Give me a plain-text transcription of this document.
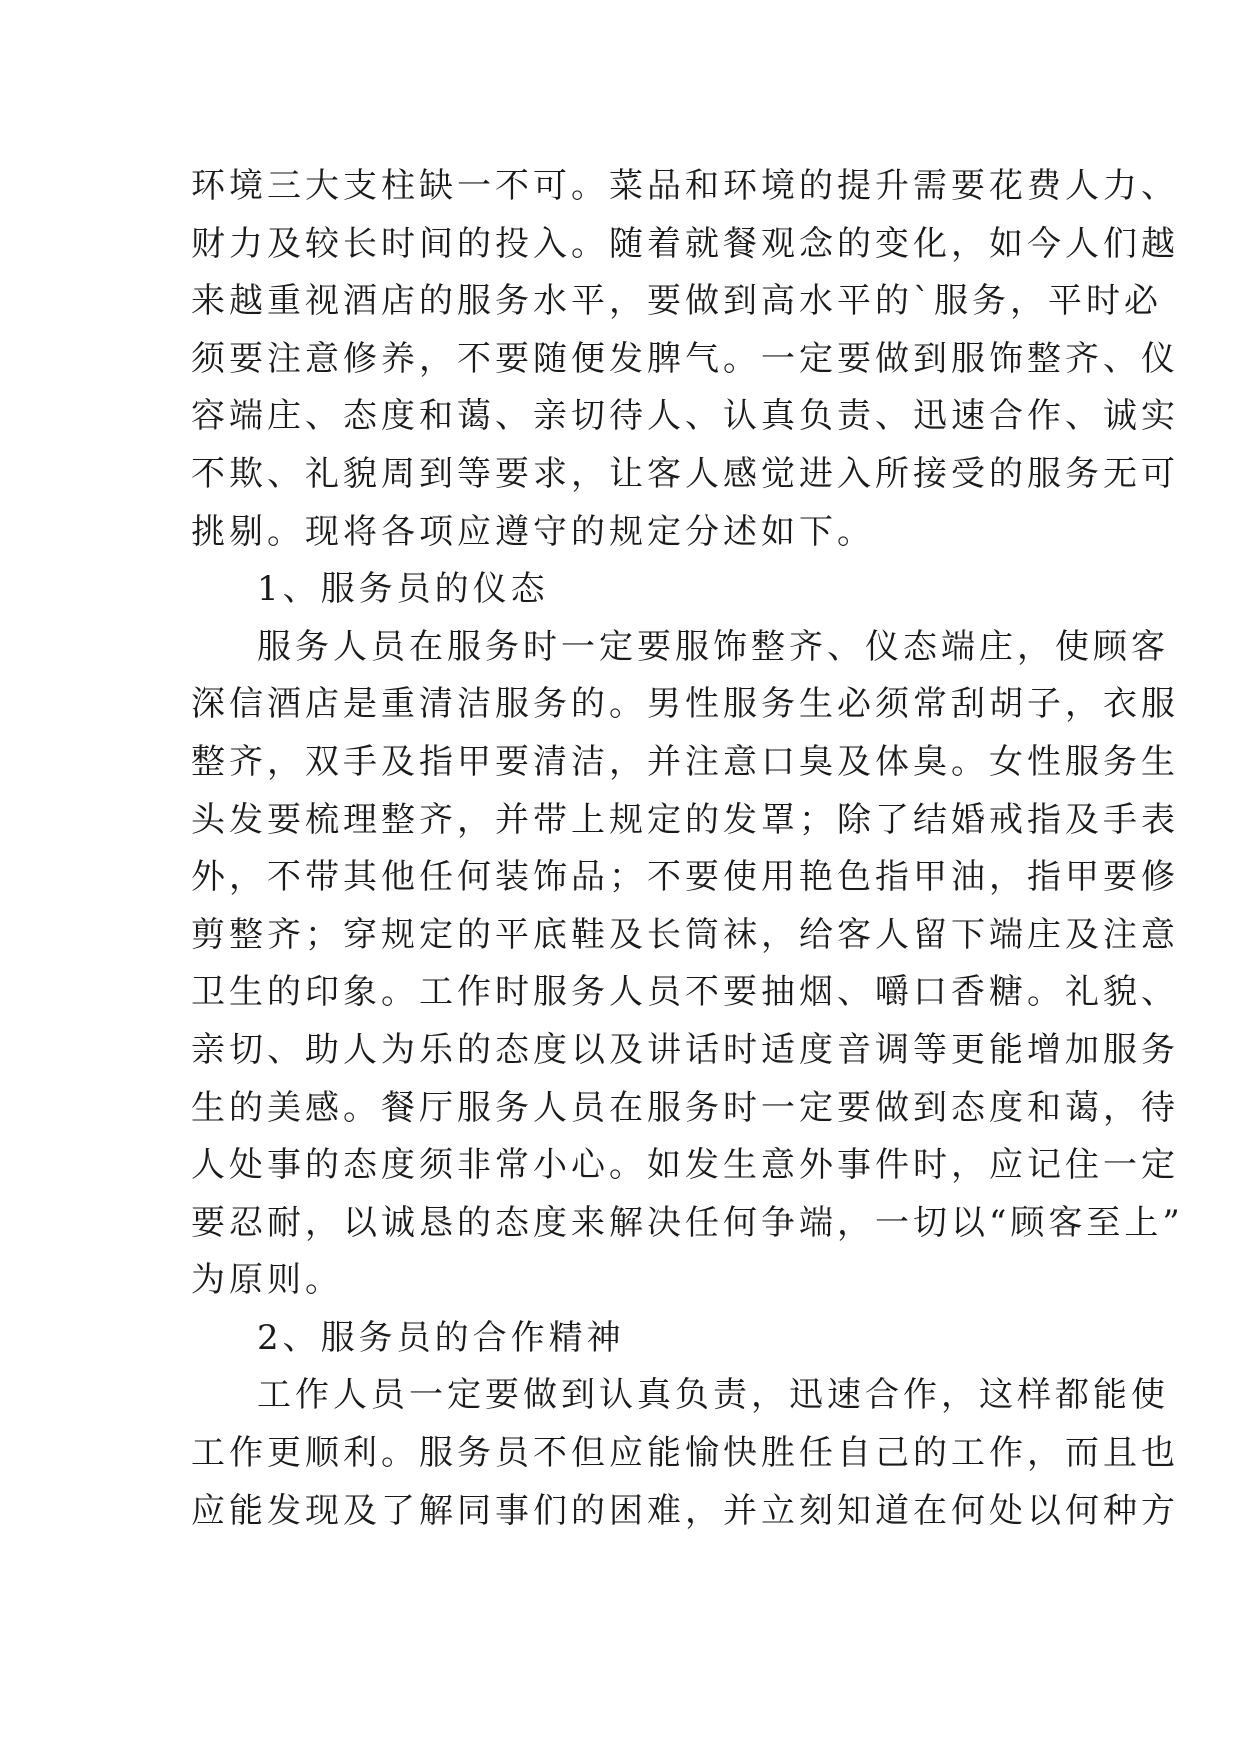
环境三大支柱缺一不可。菜品和环境的提升需要花费人力、
财力及较长时间的投入。随着就餐观念的变化，如今人们越
来越重视酒店的服务水平，要做到高水平的`服务，平时必
须要注意修养，不要随便发脾气。一定要做到服饰整齐、仪
容端庄、态度和蔼、亲切待人、认真负责、迅速合作、诚实
不欺、礼貌周到等要求，让客人感觉进入所接受的服务无可
挑剔。现将各项应遵守的规定分述如下。
1、服务员的仪态
服务人员在服务时一定要服饰整齐、仪态端庄，使顾客
深信酒店是重清洁服务的。男性服务生必须常刮胡子，衣服
整齐，双手及指甲要清洁，并注意口臭及体臭。女性服务生
头发要梳理整齐，并带上规定的发罩；除了结婚戒指及手表
外，不带其他任何装饰品；不要使用艳色指甲油，指甲要修
剪整齐；穿规定的平底鞋及长筒袜，给客人留下端庄及注意
卫生的印象。工作时服务人员不要抽烟、嚼口香糖。礼貌、
亲切、助人为乐的态度以及讲话时适度音调等更能增加服务
生的美感。餐厅服务人员在服务时一定要做到态度和蔼，待
人处事的态度须非常小心。如发生意外事件时，应记住一定
要忍耐，以诚恳的态度来解决任何争端，一切以“顾客至上”
为原则。
2、服务员的合作精神
工作人员一定要做到认真负责，迅速合作，这样都能使
工作更顺利。服务员不但应能愉快胜任自己的工作，而且也
应能发现及了解同事们的困难，并立刻知道在何处以何种方
